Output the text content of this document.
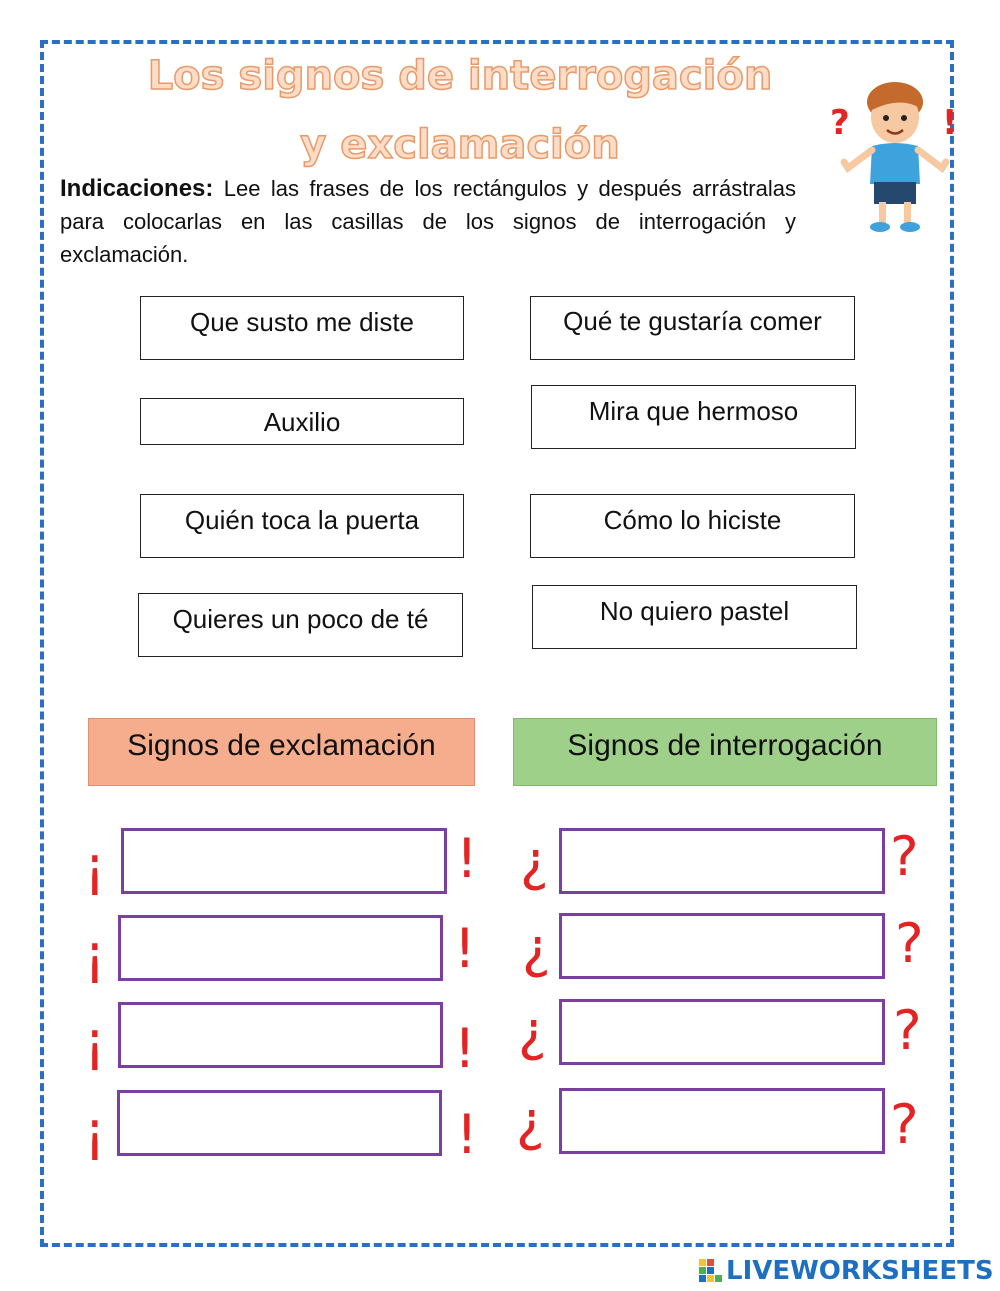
Los signos de interrogación
y exclamación	?	!

Indicaciones: Lee las frases de los rectángulos y después arrástralas para colocarlas en las casillas de los signos de interrogación y exclamación.

Que susto me diste	Qué te gustaría comer
Auxilio	Mira que hermoso
Quién toca la puerta	Cómo lo hiciste
Quieres un poco de té	No quiero pastel
Signos de exclamación	Signos de interrogación
¡	!
¡	!
¡	!
¡	!
¿	?
¿	?
¿	?
¿	?
LIVEWORKSHEETS
